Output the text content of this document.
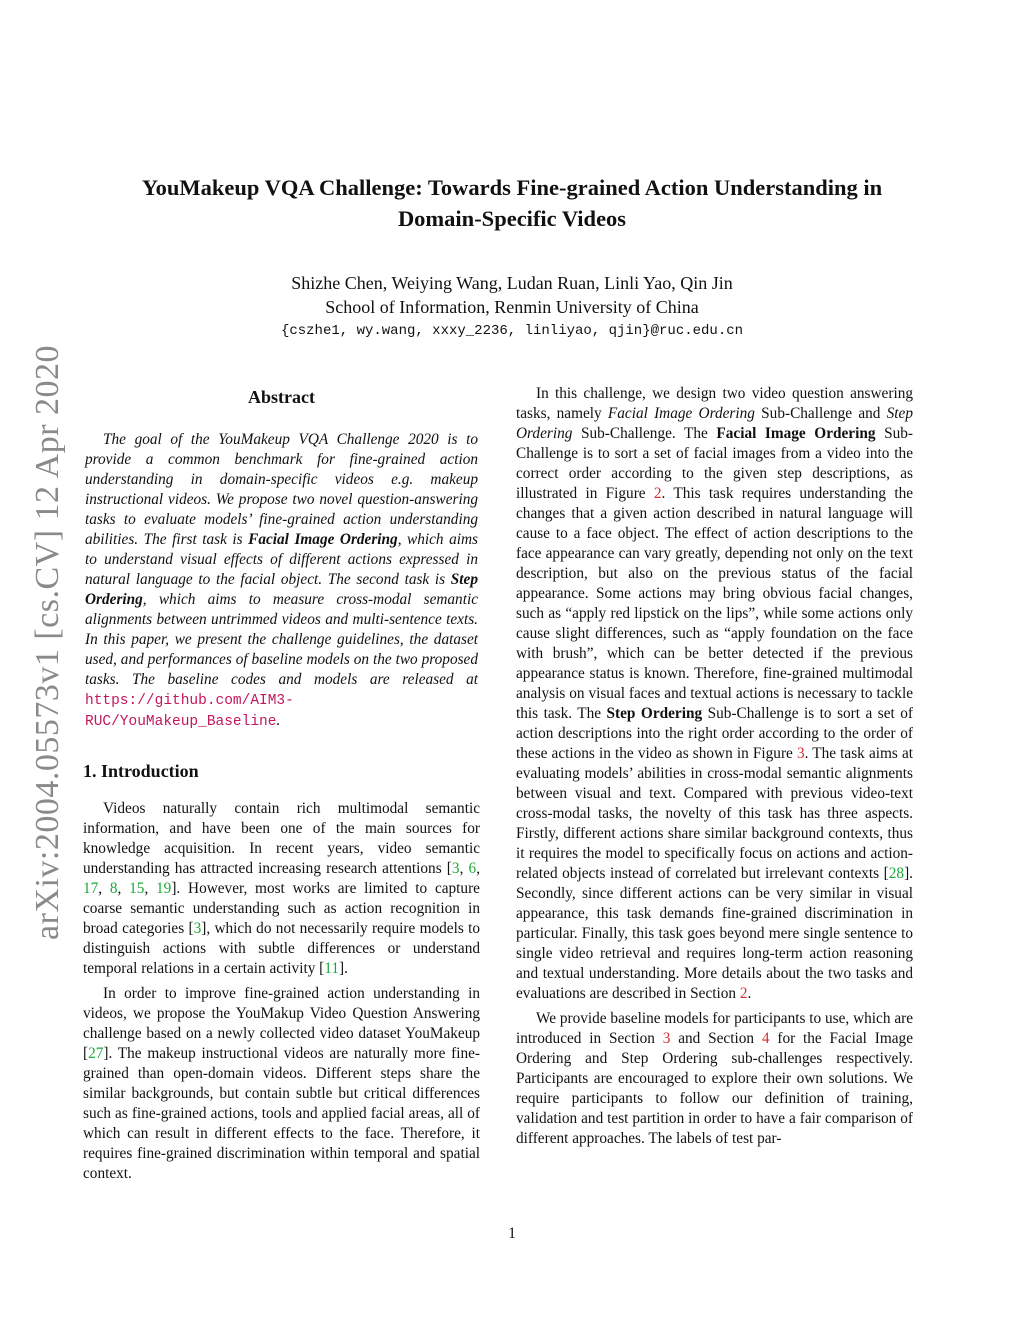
arXiv:2004.05573v1 [cs.CV] 12 Apr 2020
YouMakeup VQA Challenge: Towards Fine-grained Action Understanding in
Domain-Specific Videos
Shizhe Chen, Weiying Wang, Ludan Ruan, Linli Yao, Qin Jin
School of Information, Renmin University of China
{cszhe1, wy.wang, xxxy_2236, linliyao, qjin}@ruc.edu.cn
Abstract

The goal of the YouMakeup VQA Challenge 2020 is to provide a common benchmark for fine-grained action understanding in domain-specific videos e.g. makeup instructional videos. We propose two novel question-answering tasks to evaluate models’ fine-grained action understanding abilities. The first task is Facial Image Ordering, which aims to understand visual effects of different actions expressed in natural language to the facial object. The second task is Step Ordering, which aims to measure cross-modal semantic alignments between untrimmed videos and multi-sentence texts. In this paper, we present the challenge guidelines, the dataset used, and performances of baseline models on the two proposed tasks. The baseline codes and models are released at https://github.com/AIM3-RUC/YouMakeup_Baseline.

1. Introduction

Videos naturally contain rich multimodal semantic information, and have been one of the main sources for knowledge acquisition. In recent years, video semantic understanding has attracted increasing research attentions [3, 6, 17, 8, 15, 19]. However, most works are limited to capture coarse semantic understanding such as action recognition in broad categories [3], which do not necessarily require models to distinguish actions with subtle differences or understand temporal relations in a certain activity [11].

In order to improve fine-grained action understanding in videos, we propose the YouMakup Video Question Answering challenge based on a newly collected video dataset YouMakeup [27]. The makeup instructional videos are naturally more fine-grained than open-domain videos. Different steps share the similar backgrounds, but contain subtle but critical differences such as fine-grained actions, tools and applied facial areas, all of which can result in different effects to the face. Therefore, it requires fine-grained discrimination within temporal and spatial context.

In this challenge, we design two video question answering tasks, namely Facial Image Ordering Sub-Challenge and Step Ordering Sub-Challenge. The Facial Image Ordering Sub-Challenge is to sort a set of facial images from a video into the correct order according to the given step descriptions, as illustrated in Figure 2. This task requires understanding the changes that a given action described in natural language will cause to a face object. The effect of action descriptions to the face appearance can vary greatly, depending not only on the text description, but also on the previous status of the facial appearance. Some actions may bring obvious facial changes, such as “apply red lipstick on the lips”, while some actions only cause slight differences, such as “apply foundation on the face with brush”, which can be better detected if the previous appearance status is known. Therefore, fine-grained multimodal analysis on visual faces and textual actions is necessary to tackle this task. The Step Ordering Sub-Challenge is to sort a set of action descriptions into the right order according to the order of these actions in the video as shown in Figure 3. The task aims at evaluating models’ abilities in cross-modal semantic alignments between visual and text. Compared with previous video-text cross-modal tasks, the novelty of this task has three aspects. Firstly, different actions share similar background contexts, thus it requires the model to specifically focus on actions and action-related objects instead of correlated but irrelevant contexts [28]. Secondly, since different actions can be very similar in visual appearance, this task demands fine-grained discrimination in particular. Finally, this task goes beyond mere single sentence to single video retrieval and requires long-term action reasoning and textual understanding. More details about the two tasks and evaluations are described in Section 2.

We provide baseline models for participants to use, which are introduced in Section 3 and Section 4 for the Facial Image Ordering and Step Ordering sub-challenges respectively. Participants are encouraged to explore their own solutions. We require participants to follow our definition of training, validation and test partition in order to have a fair comparison of different approaches. The labels of test par-

1
